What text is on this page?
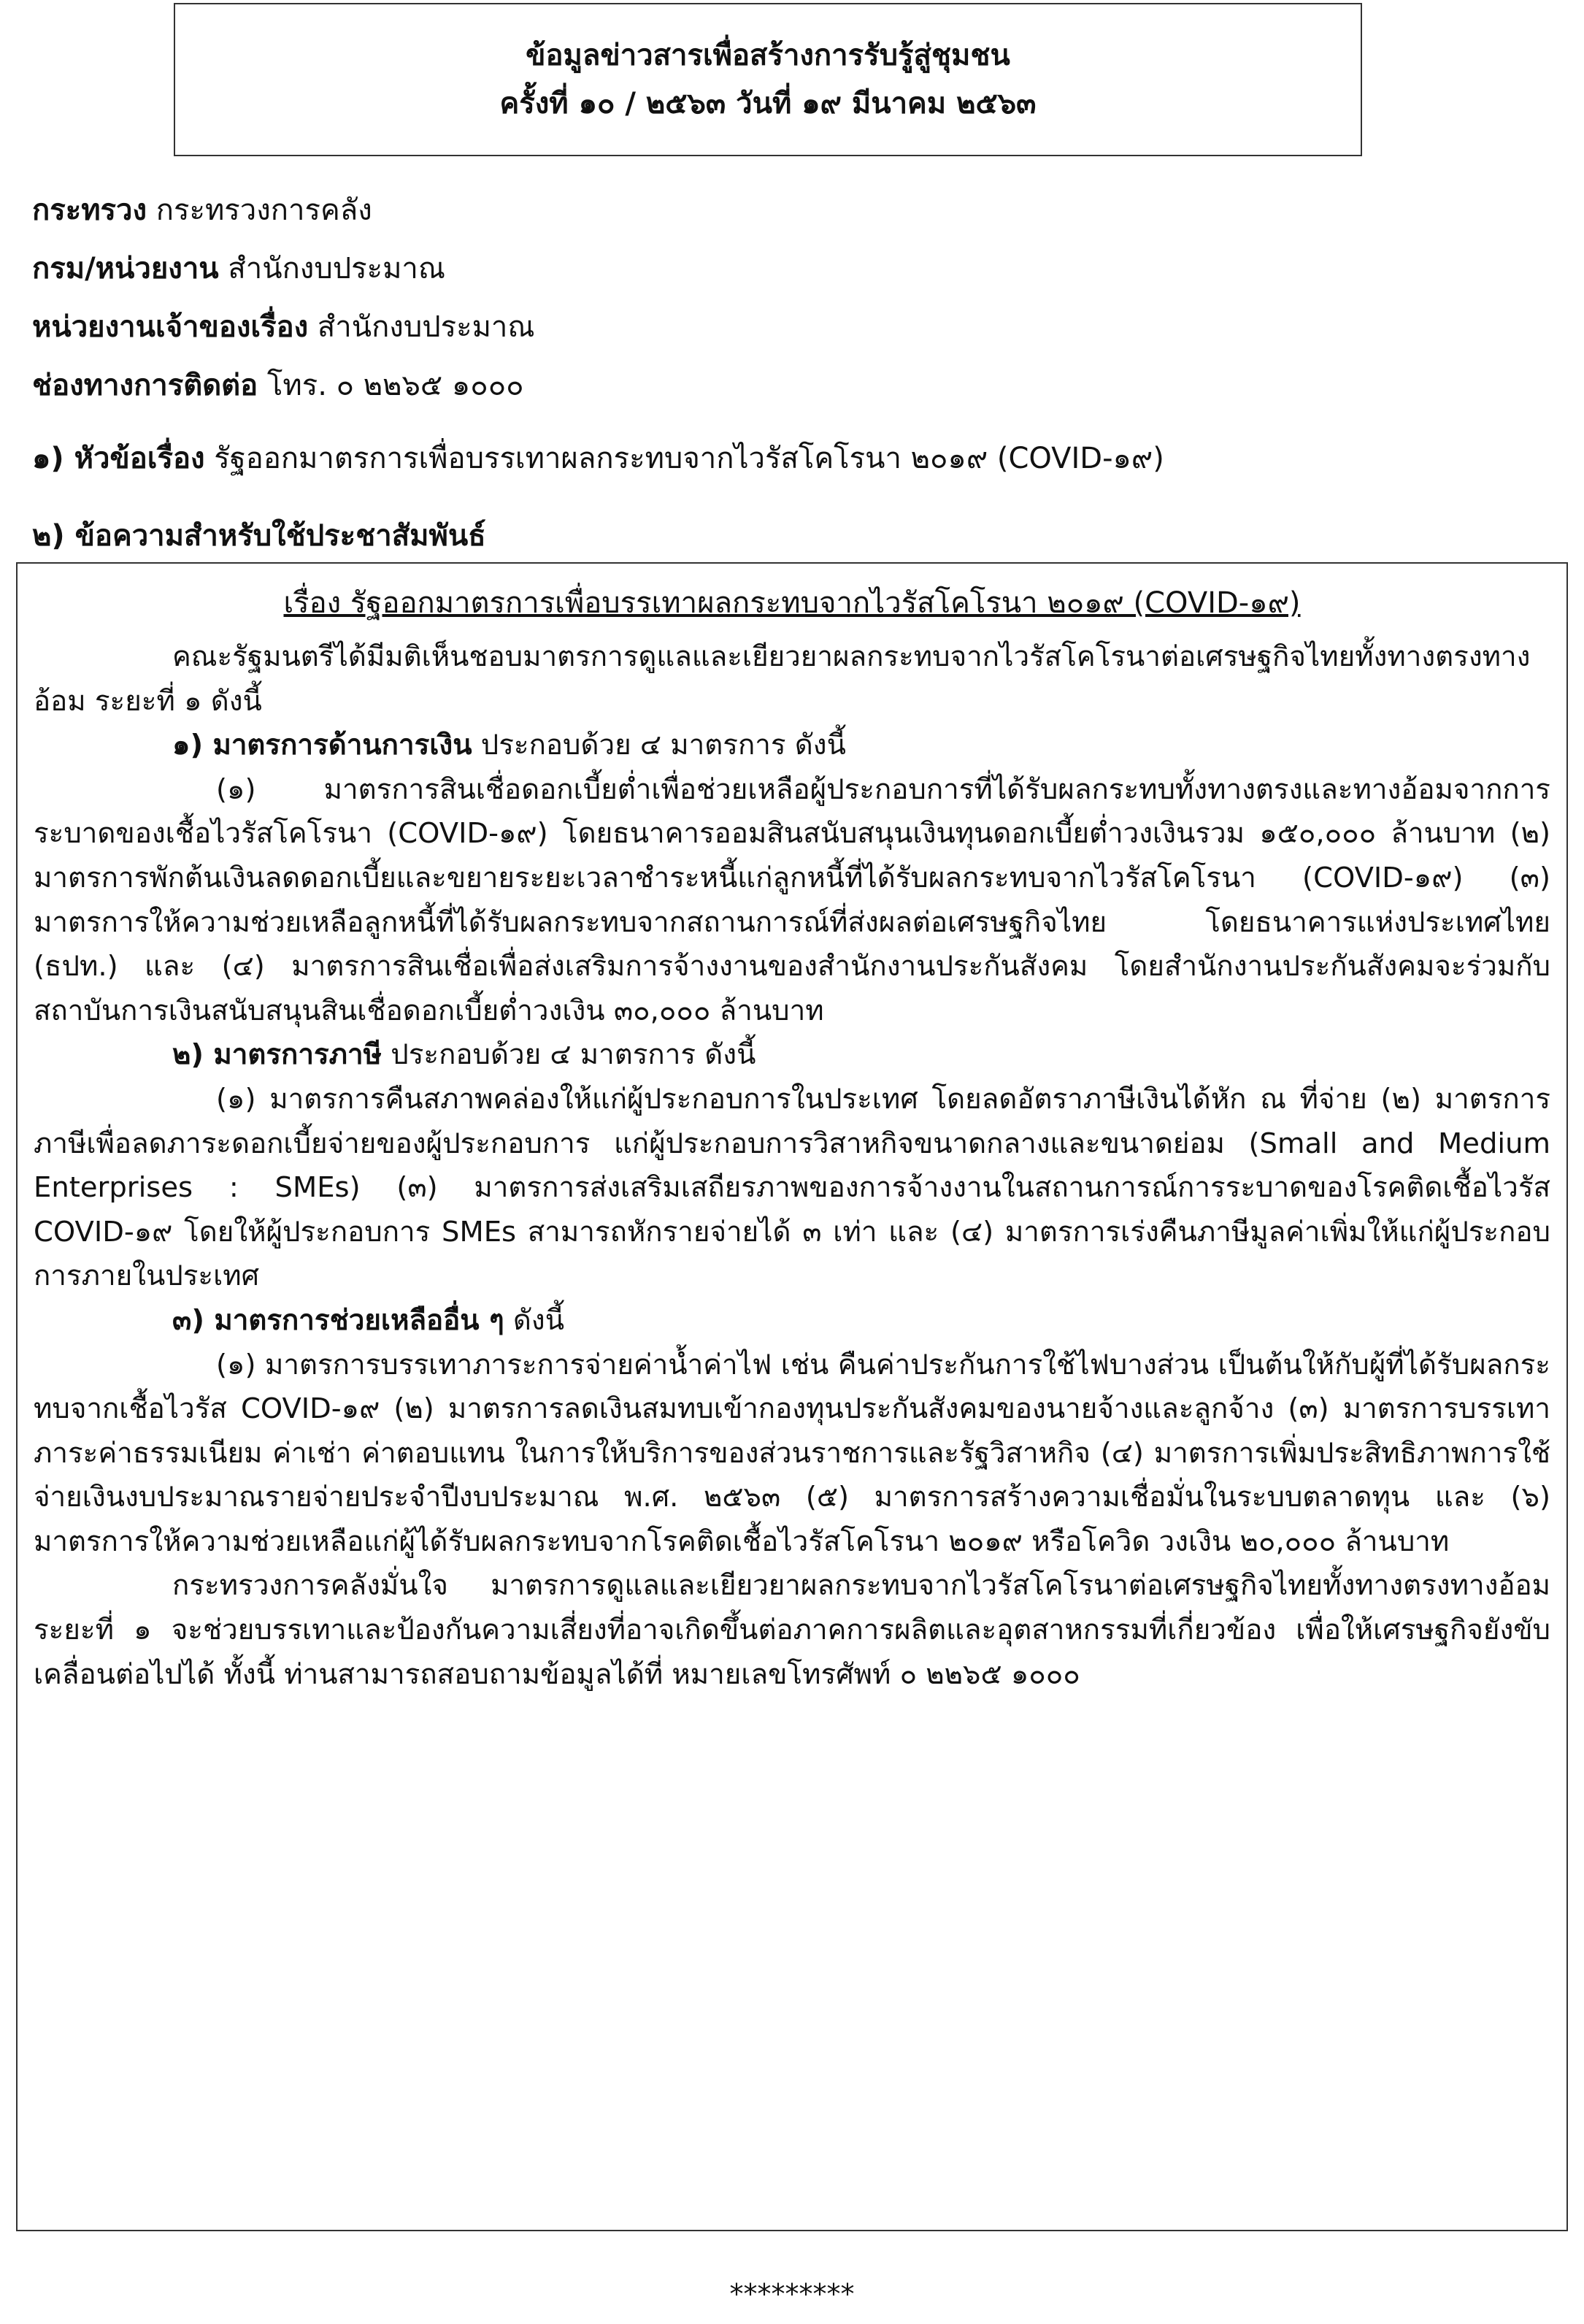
ข้อมูลข่าวสารเพื่อสร้างการรับรู้สู่ชุมชน
ครั้งที่ ๑๐ / ๒๕๖๓ วันที่ ๑๙ มีนาคม ๒๕๖๓
กระทรวง กระทรวงการคลัง
กรม/หน่วยงาน สำนักงบประมาณ
หน่วยงานเจ้าของเรื่อง สำนักงบประมาณ
ช่องทางการติดต่อ โทร. ๐ ๒๒๖๕ ๑๐๐๐
๑) หัวข้อเรื่อง รัฐออกมาตรการเพื่อบรรเทาผลกระทบจากไวรัสโคโรนา ๒๐๑๙ (COVID-๑๙)
๒) ข้อความสำหรับใช้ประชาสัมพันธ์
เรื่อง รัฐออกมาตรการเพื่อบรรเทาผลกระทบจากไวรัสโคโรนา ๒๐๑๙ (COVID-๑๙)
คณะรัฐมนตรีได้มีมติเห็นชอบมาตรการดูแลและเยียวยาผลกระทบจากไวรัสโคโรนาต่อเศรษฐกิจไทยทั้งทางตรงทางอ้อม ระยะที่ ๑ ดังนี้
๑) มาตรการด้านการเงิน ประกอบด้วย ๔ มาตรการ ดังนี้
(๑) มาตรการสินเชื่อดอกเบี้ยต่ำเพื่อช่วยเหลือผู้ประกอบการที่ได้รับผลกระทบทั้งทางตรงและทางอ้อมจากการระบาดของเชื้อไวรัสโคโรนา (COVID-๑๙) โดยธนาคารออมสินสนับสนุนเงินทุนดอกเบี้ยต่ำวงเงินรวม ๑๕๐,๐๐๐ ล้านบาท (๒) มาตรการพักต้นเงินลดดอกเบี้ยและขยายระยะเวลาชำระหนี้แก่ลูกหนี้ที่ได้รับผลกระทบจากไวรัสโคโรนา (COVID-๑๙) (๓) มาตรการให้ความช่วยเหลือลูกหนี้ที่ได้รับผลกระทบจากสถานการณ์ที่ส่งผลต่อเศรษฐกิจไทย โดยธนาคารแห่งประเทศไทย (ธปท.) และ (๔) มาตรการสินเชื่อเพื่อส่งเสริมการจ้างงานของสำนักงานประกันสังคม โดยสำนักงานประกันสังคมจะร่วมกับสถาบันการเงินสนับสนุนสินเชื่อดอกเบี้ยต่ำวงเงิน ๓๐,๐๐๐ ล้านบาท
๒) มาตรการภาษี ประกอบด้วย ๔ มาตรการ ดังนี้
(๑) มาตรการคืนสภาพคล่องให้แก่ผู้ประกอบการในประเทศ โดยลดอัตราภาษีเงินได้หัก ณ ที่จ่าย (๒) มาตรการภาษีเพื่อลดภาระดอกเบี้ยจ่ายของผู้ประกอบการ แก่ผู้ประกอบการวิสาหกิจขนาดกลางและขนาดย่อม (Small and Medium Enterprises : SMEs) (๓) มาตรการส่งเสริมเสถียรภาพของการจ้างงานในสถานการณ์การระบาดของโรคติดเชื้อไวรัส COVID-๑๙ โดยให้ผู้ประกอบการ SMEs สามารถหักรายจ่ายได้ ๓ เท่า และ (๔) มาตรการเร่งคืนภาษีมูลค่าเพิ่มให้แก่ผู้ประกอบการภายในประเทศ
๓) มาตรการช่วยเหลืออื่น ๆ ดังนี้
(๑) มาตรการบรรเทาภาระการจ่ายค่าน้ำค่าไฟ เช่น คืนค่าประกันการใช้ไฟบางส่วน เป็นต้นให้กับผู้ที่ได้รับผลกระทบจากเชื้อไวรัส COVID-๑๙ (๒) มาตรการลดเงินสมทบเข้ากองทุนประกันสังคมของนายจ้างและลูกจ้าง (๓) มาตรการบรรเทาภาระค่าธรรมเนียม ค่าเช่า ค่าตอบแทน ในการให้บริการของส่วนราชการและรัฐวิสาหกิจ (๔) มาตรการเพิ่มประสิทธิภาพการใช้จ่ายเงินงบประมาณรายจ่ายประจำปีงบประมาณ พ.ศ. ๒๕๖๓ (๕) มาตรการสร้างความเชื่อมั่นในระบบตลาดทุน และ (๖) มาตรการให้ความช่วยเหลือแก่ผู้ได้รับผลกระทบจากโรคติดเชื้อไวรัสโคโรนา ๒๐๑๙ หรือโควิด วงเงิน ๒๐,๐๐๐ ล้านบาท
กระทรวงการคลังมั่นใจ มาตรการดูแลและเยียวยาผลกระทบจากไวรัสโคโรนาต่อเศรษฐกิจไทยทั้งทางตรงทางอ้อม ระยะที่ ๑ จะช่วยบรรเทาและป้องกันความเสี่ยงที่อาจเกิดขึ้นต่อภาคการผลิตและอุตสาหกรรมที่เกี่ยวข้อง เพื่อให้เศรษฐกิจยังขับเคลื่อนต่อไปได้ ทั้งนี้ ท่านสามารถสอบถามข้อมูลได้ที่ หมายเลขโทรศัพท์ ๐ ๒๒๖๕ ๑๐๐๐
*********
